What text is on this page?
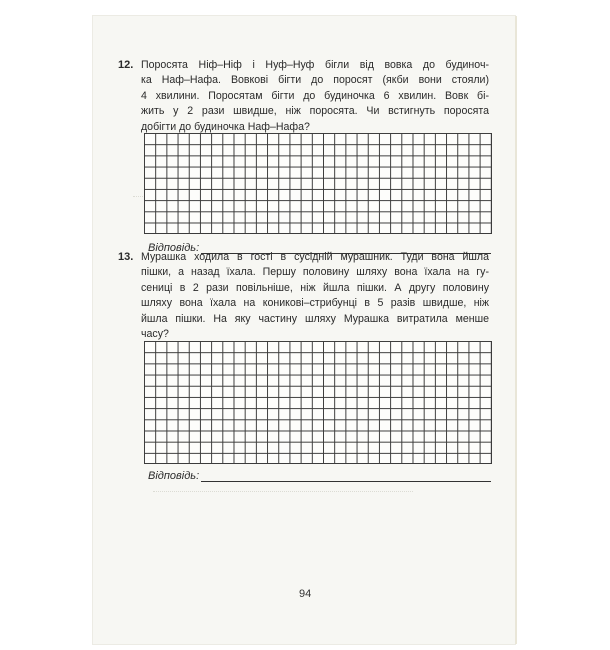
12. Поросята Ніф–Ніф і Нуф–Нуф бігли від вовка до будиноч-
ка Наф–Нафа. Вовкові бігти до поросят (якби вони стояли)
4 хвилини. Поросятам бігти до будиночка 6 хвилин. Вовк бі-
жить у 2 рази швидше, ніж поросята. Чи встигнуть поросята
добігти до будиночка Наф–Нафа?
Відповідь:
13. Мурашка ходила в гості в сусідній мурашник. Туди вона йшла
пішки, а назад їхала. Першу половину шляху вона їхала на гу-
сениці в 2 рази повільніше, ніж йшла пішки. А другу половину
шляху вона їхала на коникові–стрибунці в 5 разів швидше, ніж
йшла пішки. На яку частину шляху Мурашка витратила менше
часу?
Відповідь:
94
